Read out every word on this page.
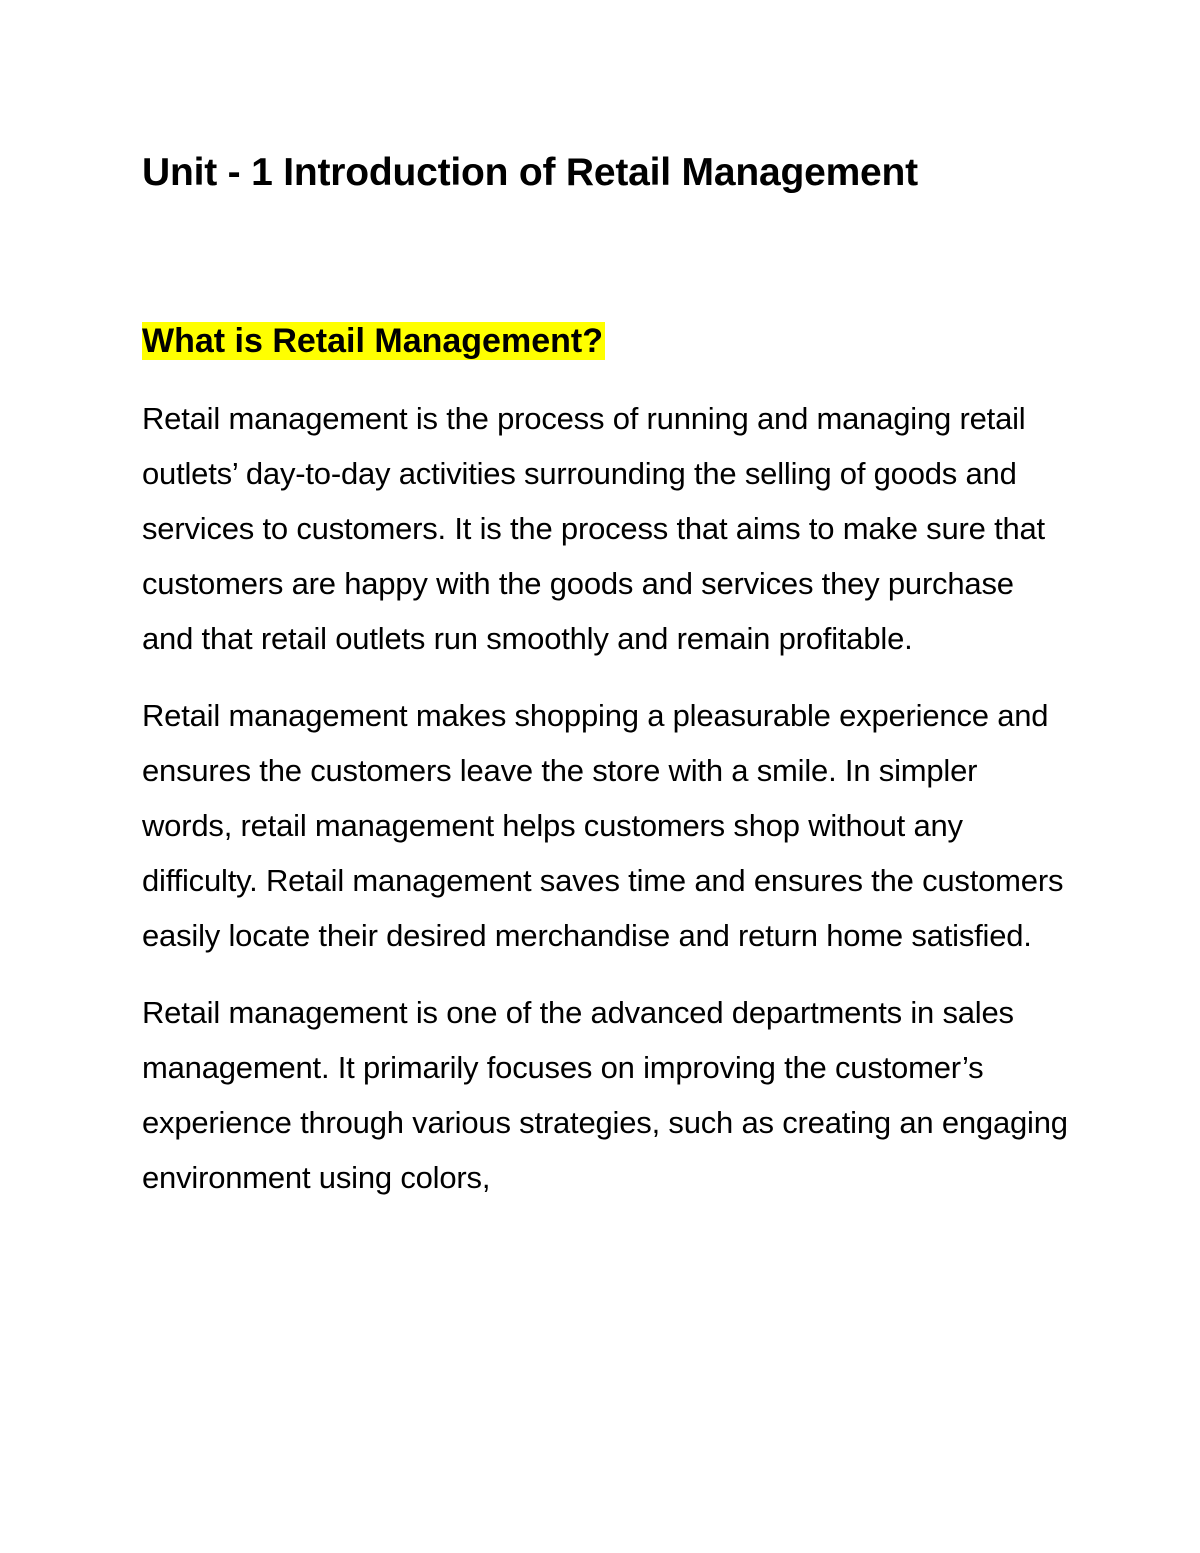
Unit - 1 Introduction of Retail Management
What is Retail Management?

Retail management is the process of running and managing retail outlets’ day-to-day activities surrounding the selling of goods and services to customers. It is the process that aims to make sure that customers are happy with the goods and services they purchase and that retail outlets run smoothly and remain profitable.

Retail management makes shopping a pleasurable experience and ensures the customers leave the store with a smile. In simpler words, retail management helps customers shop without any difficulty. Retail management saves time and ensures the customers easily locate their desired merchandise and return home satisfied.

Retail management is one of the advanced departments in sales management. It primarily focuses on improving the customer’s experience through various strategies, such as creating an engaging environment using colors,
